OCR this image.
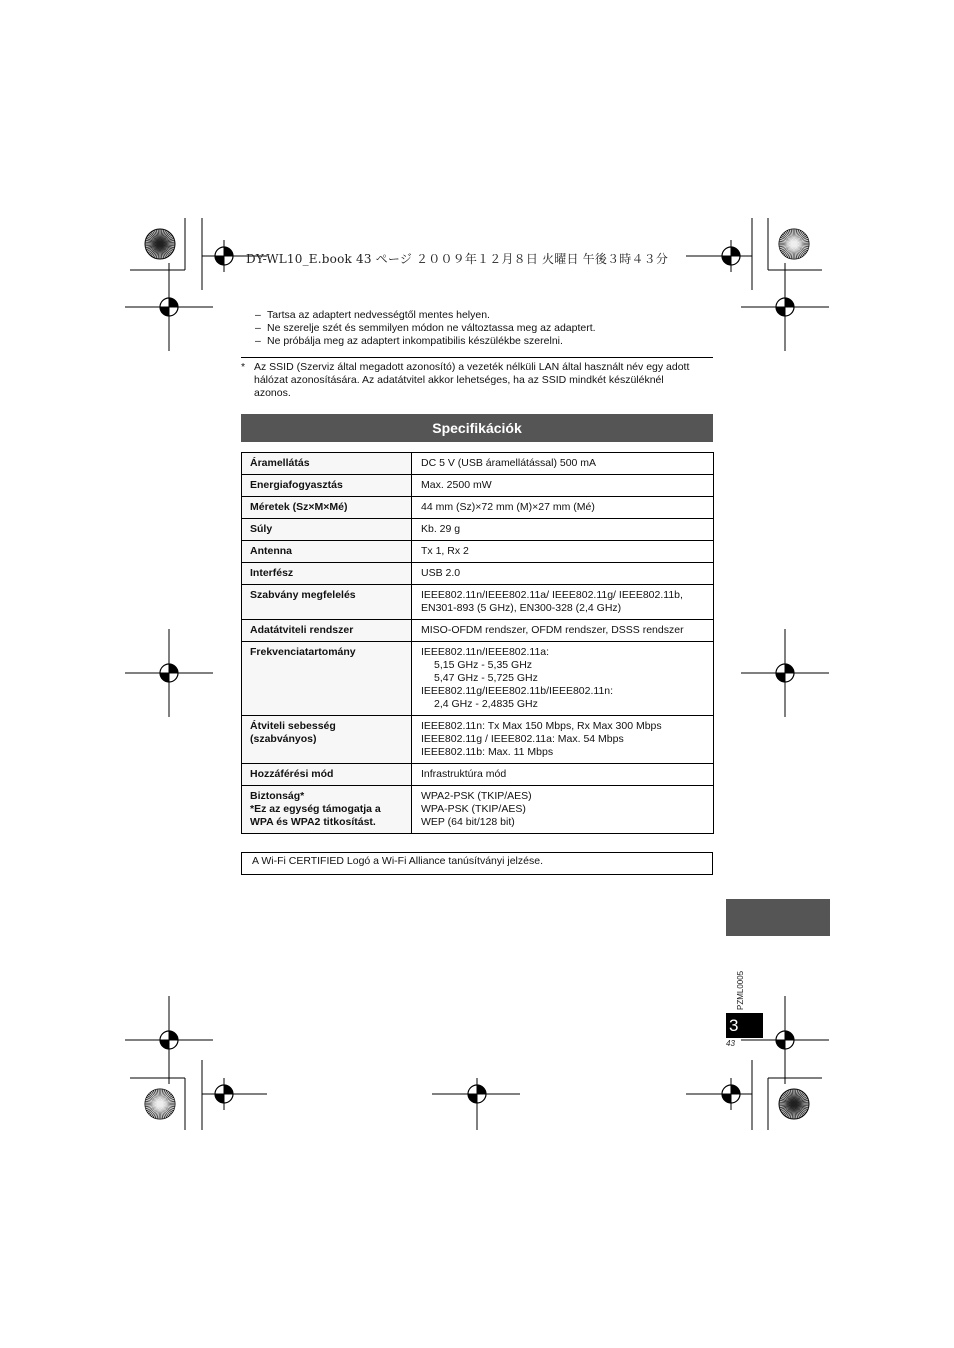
DY-WL10_E.book 43 ページ ２００９年１２月８日 火曜日 午後３時４３分
– Tartsa az adaptert nedvességtől mentes helyen.
– Ne szerelje szét és semmilyen módon ne változtassa meg az adaptert.
– Ne próbálja meg az adaptert inkompatibilis készülékbe szerelni.
* Az SSID (Szerviz által megadott azonosító) a vezeték nélküli LAN által használt név egy adott
hálózat azonosítására. Az adatátvitel akkor lehetséges, ha az SSID mindkét készüléknél
azonos.
Specifikációk
Áramellátás	DC 5 V (USB áramellátással) 500 mA

Energiafogyasztás	Max. 2500 mW

Méretek (Sz×M×Mé)	44 mm (Sz)×72 mm (M)×27 mm (Mé)

Súly	Kb. 29 g

Antenna	Tx 1, Rx 2

Interfész	USB 2.0

Szabvány megfelelés	IEEE802.11n/IEEE802.11a/ IEEE802.11g/ IEEE802.11b,
EN301-893 (5 GHz), EN300-328 (2,4 GHz)

Adatátviteli rendszer	MISO-OFDM rendszer, OFDM rendszer, DSSS rendszer

Frekvenciatartomány	IEEE802.11n/IEEE802.11a:
5,15 GHz - 5,35 GHz
5,47 GHz - 5,725 GHz
IEEE802.11g/IEEE802.11b/IEEE802.11n:
2,4 GHz - 2,4835 GHz

Átviteli sebesség
(szabványos)	IEEE802.11n: Tx Max 150 Mbps, Rx Max 300 Mbps
IEEE802.11g / IEEE802.11a: Max. 54 Mbps
IEEE802.11b: Max. 11 Mbps

Hozzáférési mód	Infrastruktúra mód

Biztonság*
*Ez az egység támogatja a
WPA és WPA2 titkosítást.	WPA2-PSK (TKIP/AES)
WPA-PSK (TKIP/AES)
WEP (64 bit/128 bit)
A Wi-Fi CERTIFIED Logó a Wi-Fi Alliance tanúsítványi jelzése.
PZML0005
3
43
